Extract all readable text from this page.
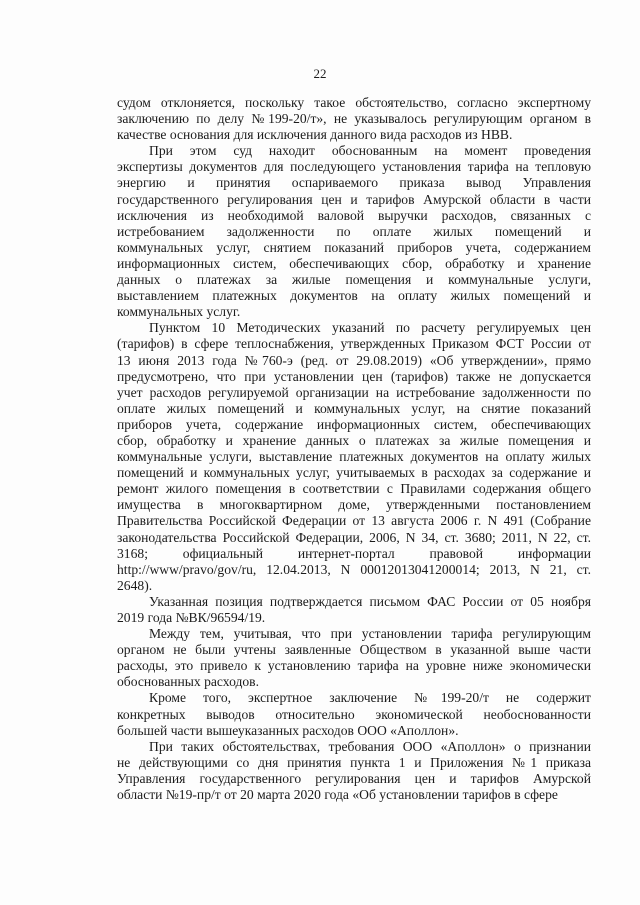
22
судом отклоняется, поскольку такое обстоятельство, согласно экспертному
заключению по делу №199-20/т», не указывалось регулирующим органом в
качестве основания для исключения данного вида расходов из НВВ.
При этом суд находит обоснованным на момент проведения
экспертизы документов для последующего установления тарифа на тепловую
энергию и принятия оспариваемого приказа вывод Управления
государственного регулирования цен и тарифов Амурской области в части
исключения из необходимой валовой выручки расходов, связанных с
истребованием задолженности по оплате жилых помещений и
коммунальных услуг, снятием показаний приборов учета, содержанием
информационных систем, обеспечивающих сбор, обработку и хранение
данных о платежах за жилые помещения и коммунальные услуги,
выставлением платежных документов на оплату жилых помещений и
коммунальных услуг.
Пунктом 10 Методических указаний по расчету регулируемых цен
(тарифов) в сфере теплоснабжения, утвержденных Приказом ФСТ России от
13 июня 2013 года №760-э (ред. от 29.08.2019) «Об утверждении», прямо
предусмотрено, что при установлении цен (тарифов) также не допускается
учет расходов регулируемой организации на истребование задолженности по
оплате жилых помещений и коммунальных услуг, на снятие показаний
приборов учета, содержание информационных систем, обеспечивающих
сбор, обработку и хранение данных о платежах за жилые помещения и
коммунальные услуги, выставление платежных документов на оплату жилых
помещений и коммунальных услуг, учитываемых в расходах за содержание и
ремонт жилого помещения в соответствии с Правилами содержания общего
имущества в многоквартирном доме, утвержденными постановлением
Правительства Российской Федерации от 13 августа 2006 г. N 491 (Собрание
законодательства Российской Федерации, 2006, N 34, ст. 3680; 2011, N 22, ст.
3168; официальный интернет-портал правовой информации
http://www/pravo/gov/ru, 12.04.2013, N 00012013041200014; 2013, N 21, ст.
2648).
Указанная позиция подтверждается письмом ФАС России от 05 ноября
2019 года №ВК/96594/19.
Между тем, учитывая, что при установлении тарифа регулирующим
органом не были учтены заявленные Обществом в указанной выше части
расходы, это привело к установлению тарифа на уровне ниже экономически
обоснованных расходов.
Кроме того, экспертное заключение №199-20/т не содержит
конкретных выводов относительно экономической необоснованности
большей части вышеуказанных расходов ООО «Аполлон».
При таких обстоятельствах, требования ООО «Аполлон» о признании
не действующими со дня принятия пункта 1 и Приложения №1 приказа
Управления государственного регулирования цен и тарифов Амурской
области №19-пр/т от 20 марта 2020 года «Об установлении тарифов в сфере
